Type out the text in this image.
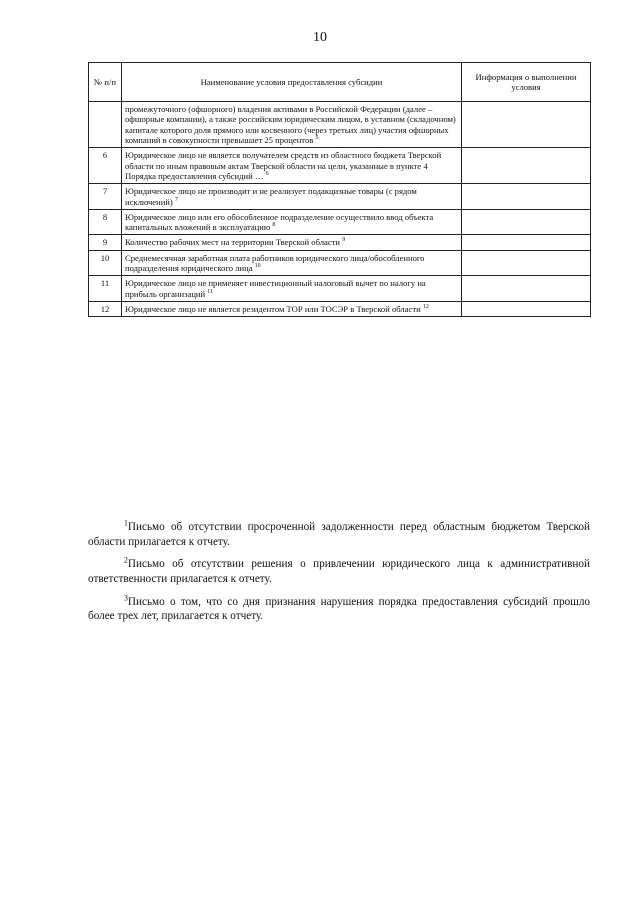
10
№ п/п	Наименование условия предоставления субсидии	Информация о выполнении условия
	промежуточного (офшорного) владения активами в Российской Федерации (далее – офшорные компании), а также российским юридическим лицом, в уставном (складочном) капитале которого доля прямого или косвенного (через третьих лиц) участия офшорных компаний в совокупности превышает 25 процентов $^5$	
6	Юридическое лицо не является получателем средств из областного бюджета Тверской области по иным правовым актам Тверской области на цели, указанные в пункте 4 Порядка предоставления субсидий … $^6$	
7	Юридическое лицо не производит и не реализует подакцизные товары (с рядом исключений) $^7$	
8	Юридическое лицо или его обособленное подразделение осуществило ввод объекта капитальных вложений в эксплуатацию $^8$	
9	Количество рабочих мест на территории Тверской области $^9$	
10	Среднемесячная заработная плата работников юридического лица/обособленного подразделения юридического лица $^{10}$	
11	Юридическое лицо не применяет инвестиционный налоговый вычет по налогу на прибыль организаций $^{11}$	
12	Юридическое лицо не является резидентом ТОР или ТОСЭР в Тверской области $^{12}$	

$^1$Письмо об отсутствии просроченной задолженности перед областным бюджетом Тверской области прилагается к отчету.

$^2$Письмо об отсутствии решения о привлечении юридического лица к административной ответственности прилагается к отчету.

$^3$Письмо о том, что со дня признания нарушения порядка предоставления субсидий прошло более трех лет, прилагается к отчету.
